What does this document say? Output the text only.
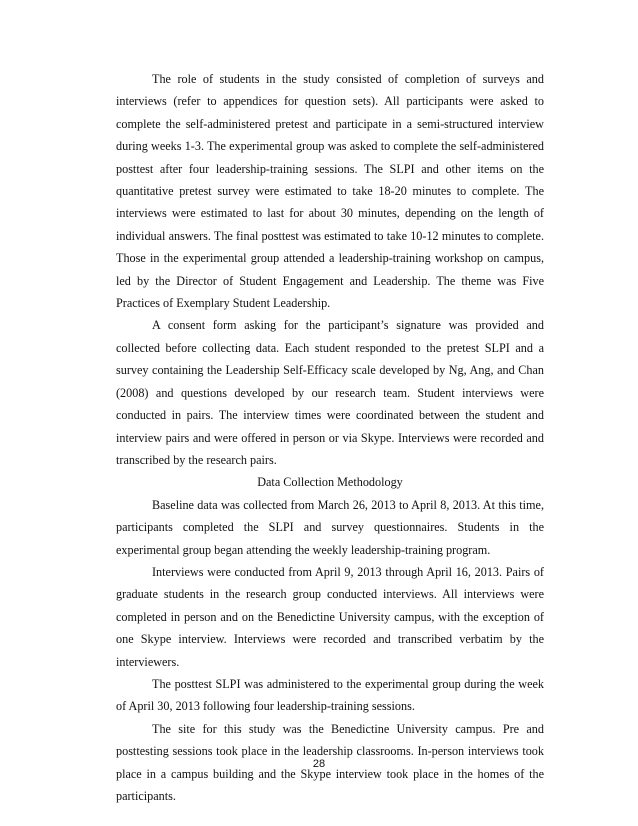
The role of students in the study consisted of completion of surveys and interviews (refer to appendices for question sets). All participants were asked to complete the self-administered pretest and participate in a semi-structured interview during weeks 1-3. The experimental group was asked to complete the self-administered posttest after four leadership-training sessions. The SLPI and other items on the quantitative pretest survey were estimated to take 18-20 minutes to complete. The interviews were estimated to last for about 30 minutes, depending on the length of individual answers. The final posttest was estimated to take 10-12 minutes to complete. Those in the experimental group attended a leadership-training workshop on campus, led by the Director of Student Engagement and Leadership. The theme was Five Practices of Exemplary Student Leadership.

A consent form asking for the participant’s signature was provided and collected before collecting data. Each student responded to the pretest SLPI and a survey containing the Leadership Self-Efficacy scale developed by Ng, Ang, and Chan (2008) and questions developed by our research team. Student interviews were conducted in pairs. The interview times were coordinated between the student and interview pairs and were offered in person or via Skype. Interviews were recorded and transcribed by the research pairs.

Data Collection Methodology

Baseline data was collected from March 26, 2013 to April 8, 2013. At this time, participants completed the SLPI and survey questionnaires. Students in the experimental group began attending the weekly leadership-training program.

Interviews were conducted from April 9, 2013 through April 16, 2013. Pairs of graduate students in the research group conducted interviews. All interviews were completed in person and on the Benedictine University campus, with the exception of one Skype interview. Interviews were recorded and transcribed verbatim by the interviewers.

The posttest SLPI was administered to the experimental group during the week of April 30, 2013 following four leadership-training sessions.

The site for this study was the Benedictine University campus. Pre and posttesting sessions took place in the leadership classrooms. In-person interviews took place in a campus building and the Skype interview took place in the homes of the participants.

28
